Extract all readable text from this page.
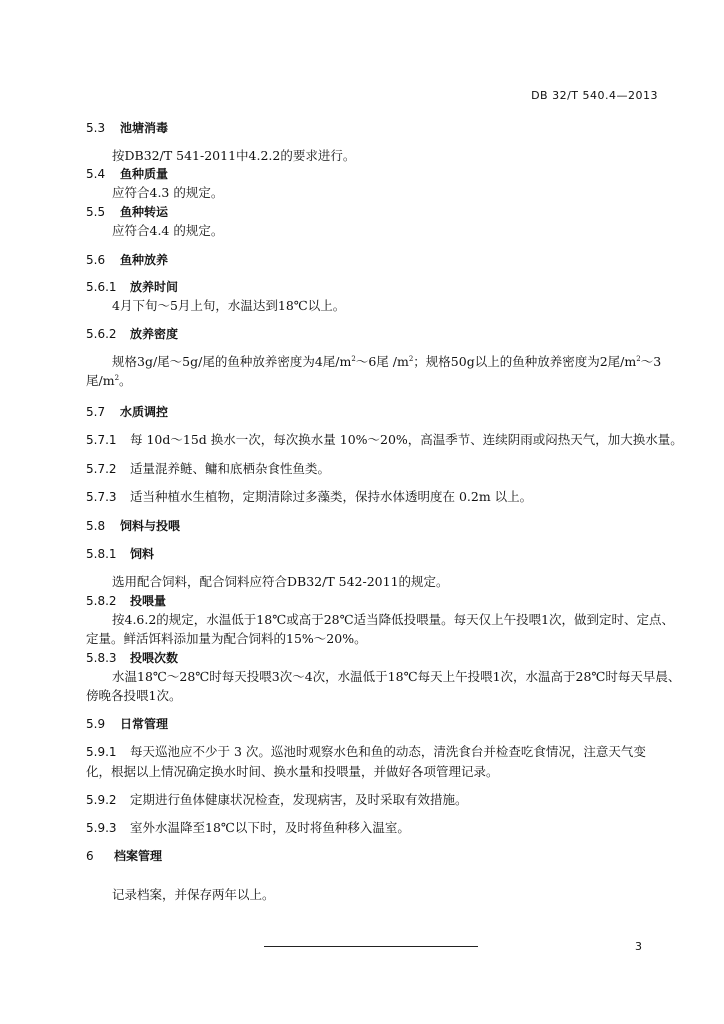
DB 32/T 540.4—2013
5.3 池塘消毒
按DB32/T 541-2011中4.2.2的要求进行。
5.4 鱼种质量
应符合4.3 的规定。
5.5 鱼种转运
应符合4.4 的规定。
5.6 鱼种放养
5.6.1 放养时间
4月下旬～5月上旬，水温达到18℃以上。
5.6.2 放养密度
规格3g/尾～5g/尾的鱼种放养密度为4尾$/m^2\sim 6$尾 $/m^2$；规格50g以上的鱼种放养密度为2尾$/m^2\sim 3$
尾$/m^2$。
5.7 水质调控
5.7.1 每 10d～15d 换水一次，每次换水量 10%～20%，高温季节、连续阴雨或闷热天气，加大换水量。
5.7.2 适量混养鲢、鳙和底栖杂食性鱼类。
5.7.3 适当种植水生植物，定期清除过多藻类，保持水体透明度在 0.2m 以上。
5.8 饲料与投喂
5.8.1 饲料
选用配合饲料，配合饲料应符合DB32/T 542-2011的规定。
5.8.2 投喂量
按4.6.2的规定，水温低于18℃或高于28℃适当降低投喂量。每天仅上午投喂1次，做到定时、定点、
定量。鲜活饵料添加量为配合饲料的15%～20%。
5.8.3 投喂次数
水温18℃～28℃时每天投喂3次～4次，水温低于18℃每天上午投喂1次，水温高于28℃时每天早晨、
傍晚各投喂1次。
5.9 日常管理
5.9.1 每天巡池应不少于 3 次。巡池时观察水色和鱼的动态，清洗食台并检查吃食情况，注意天气变
化，根据以上情况确定换水时间、换水量和投喂量，并做好各项管理记录。
5.9.2 定期进行鱼体健康状况检查，发现病害，及时采取有效措施。
5.9.3 室外水温降至18℃以下时，及时将鱼种移入温室。
6 档案管理
记录档案，并保存两年以上。
3
